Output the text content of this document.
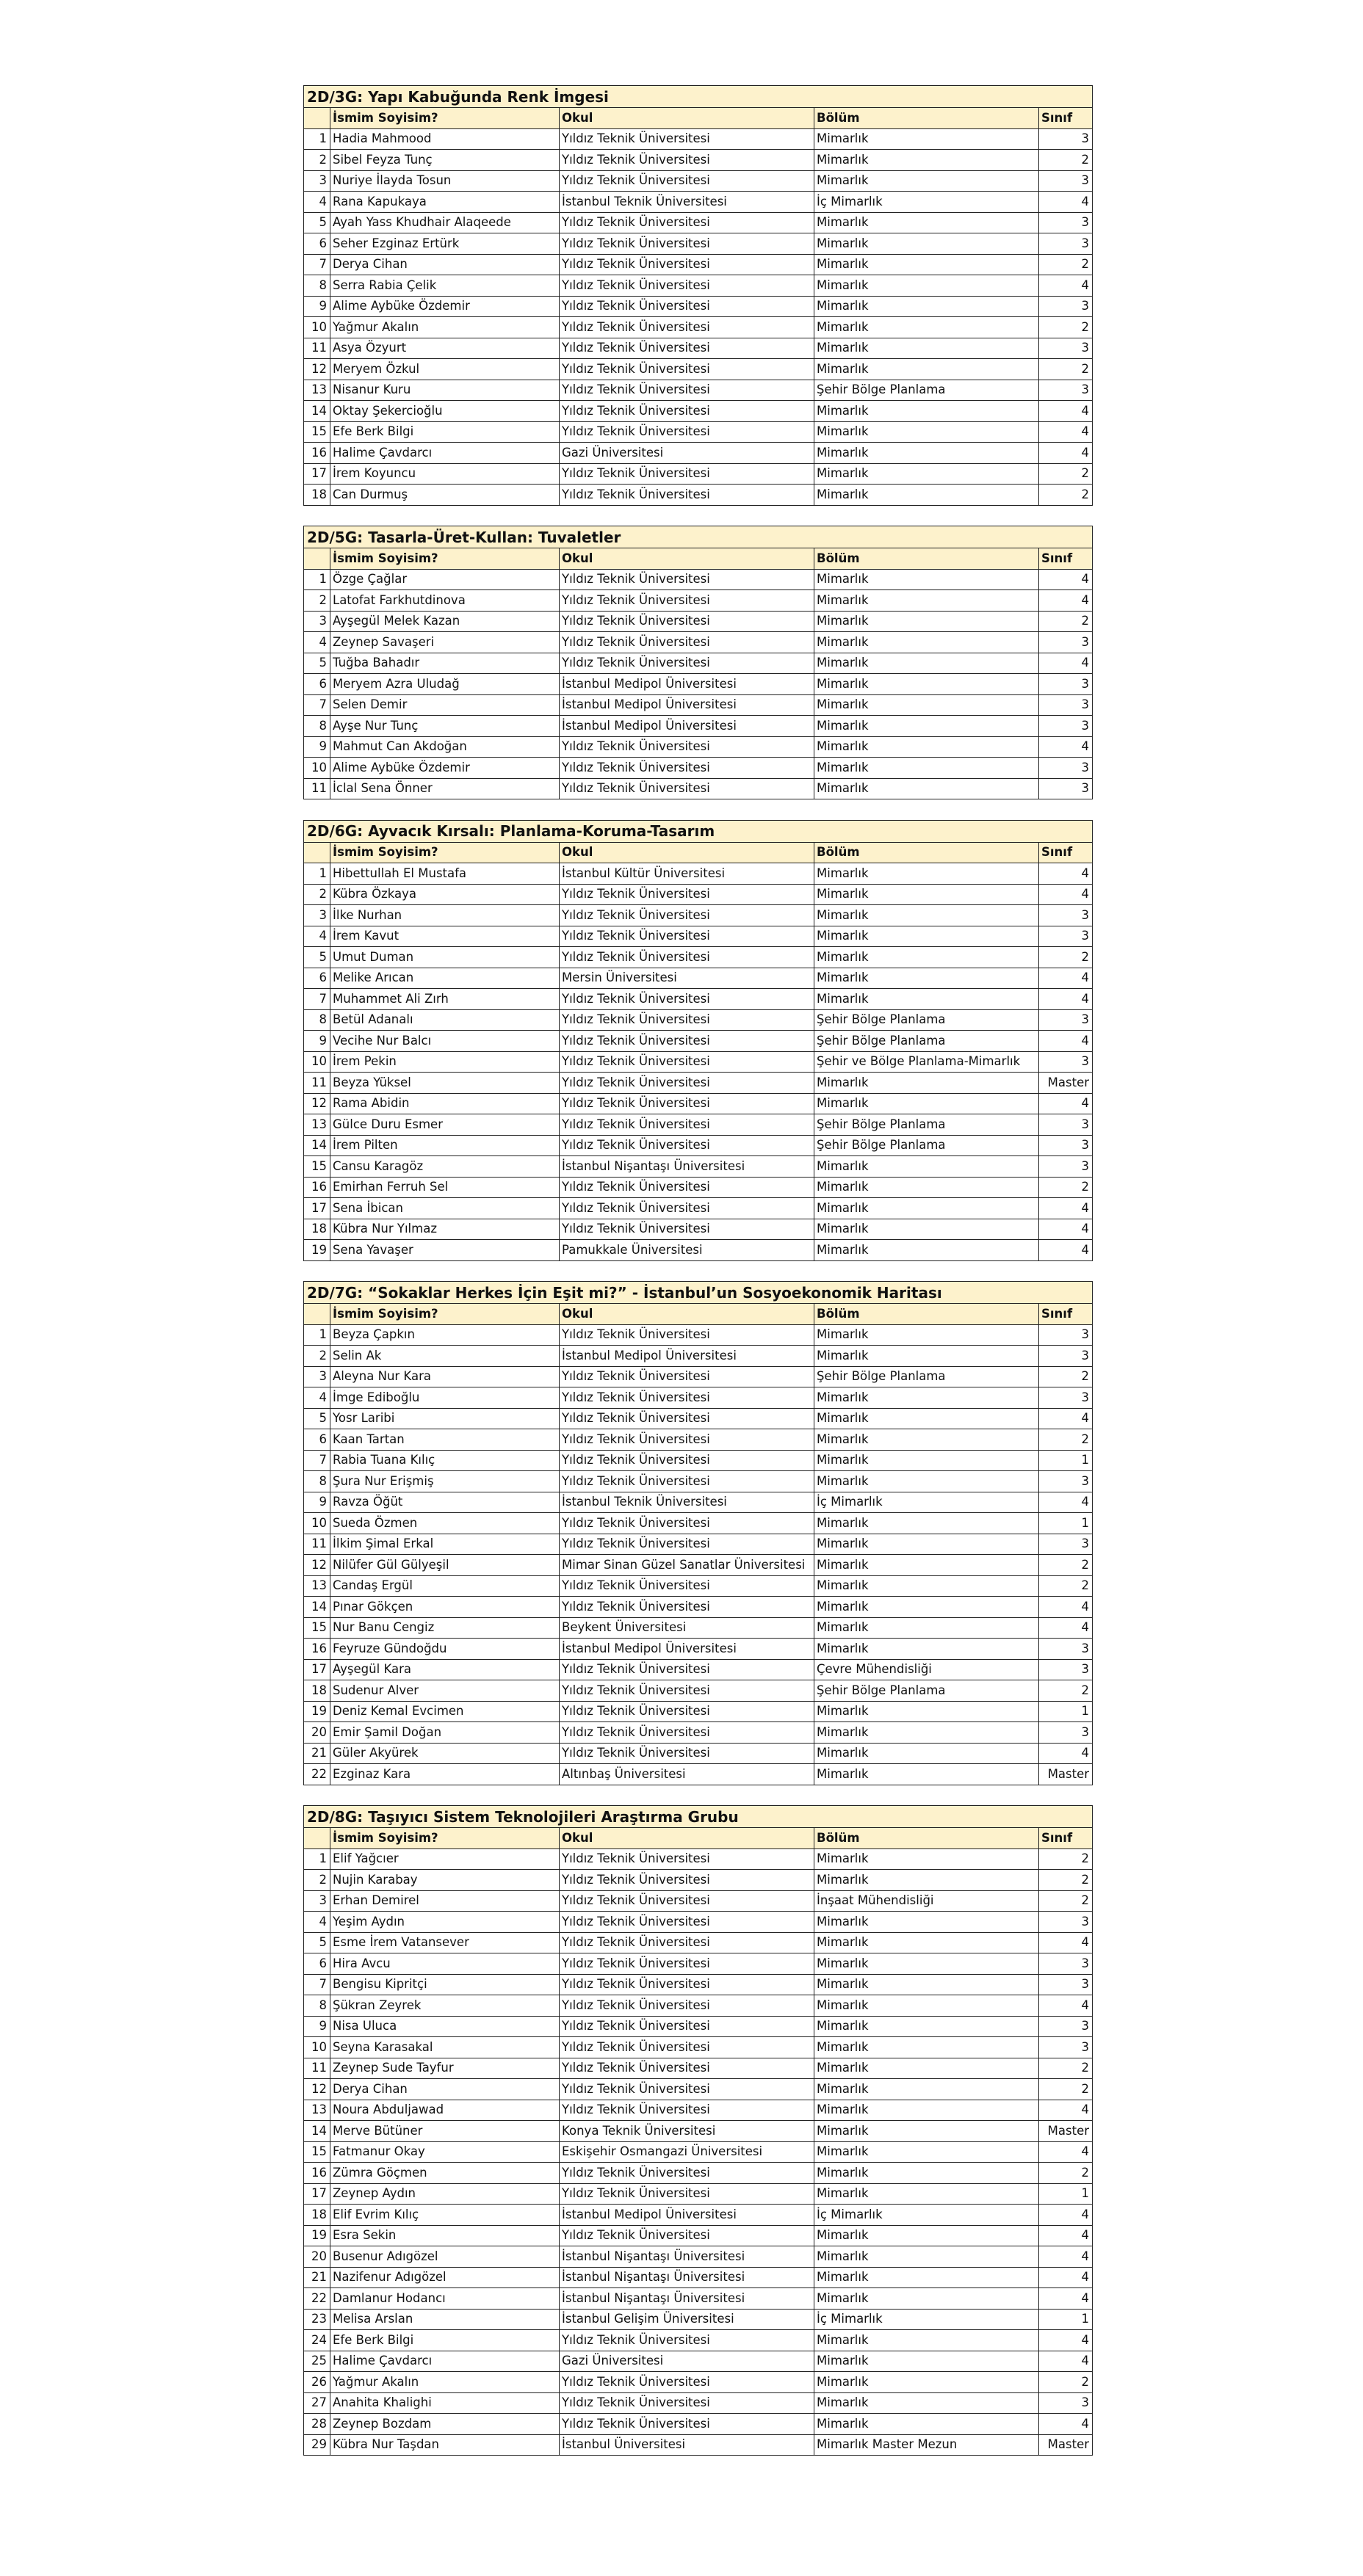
2D/3G: Yapı Kabuğunda Renk İmgesi				
	İsmim Soyisim?	Okul	Bölüm	Sınıf
1	Hadia Mahmood	Yıldız Teknik Üniversitesi	Mimarlık	3
2	Sibel Feyza Tunç	Yıldız Teknik Üniversitesi	Mimarlık	2
3	Nuriye İlayda Tosun	Yıldız Teknik Üniversitesi	Mimarlık	3
4	Rana Kapukaya	İstanbul Teknik Üniversitesi	İç Mimarlık	4
5	Ayah Yass Khudhair Alaqeede	Yıldız Teknik Üniversitesi	Mimarlık	3
6	Seher Ezginaz Ertürk	Yıldız Teknik Üniversitesi	Mimarlık	3
7	Derya Cihan	Yıldız Teknik Üniversitesi	Mimarlık	2
8	Serra Rabia Çelik	Yıldız Teknik Üniversitesi	Mimarlık	4
9	Alime Aybüke Özdemir	Yıldız Teknik Üniversitesi	Mimarlık	3
10	Yağmur Akalın	Yıldız Teknik Üniversitesi	Mimarlık	2
11	Asya Özyurt	Yıldız Teknik Üniversitesi	Mimarlık	3
12	Meryem Özkul	Yıldız Teknik Üniversitesi	Mimarlık	2
13	Nisanur Kuru	Yıldız Teknik Üniversitesi	Şehir Bölge Planlama	3
14	Oktay Şekercioğlu	Yıldız Teknik Üniversitesi	Mimarlık	4
15	Efe Berk Bilgi	Yıldız Teknik Üniversitesi	Mimarlık	4
16	Halime Çavdarcı	Gazi Üniversitesi	Mimarlık	4
17	İrem Koyuncu	Yıldız Teknik Üniversitesi	Mimarlık	2
18	Can Durmuş	Yıldız Teknik Üniversitesi	Mimarlık	2
2D/5G: Tasarla-Üret-Kullan: Tuvaletler				
	İsmim Soyisim?	Okul	Bölüm	Sınıf
1	Özge Çağlar	Yıldız Teknik Üniversitesi	Mimarlık	4
2	Latofat Farkhutdinova	Yıldız Teknik Üniversitesi	Mimarlık	4
3	Ayşegül Melek Kazan	Yıldız Teknik Üniversitesi	Mimarlık	2
4	Zeynep Savaşeri	Yıldız Teknik Üniversitesi	Mimarlık	3
5	Tuğba Bahadır	Yıldız Teknik Üniversitesi	Mimarlık	4
6	Meryem Azra Uludağ	İstanbul Medipol Üniversitesi	Mimarlık	3
7	Selen Demir	İstanbul Medipol Üniversitesi	Mimarlık	3
8	Ayşe Nur Tunç	İstanbul Medipol Üniversitesi	Mimarlık	3
9	Mahmut Can Akdoğan	Yıldız Teknik Üniversitesi	Mimarlık	4
10	Alime Aybüke Özdemir	Yıldız Teknik Üniversitesi	Mimarlık	3
11	İclal Sena Önner	Yıldız Teknik Üniversitesi	Mimarlık	3
2D/6G: Ayvacık Kırsalı: Planlama-Koruma-Tasarım				
	İsmim Soyisim?	Okul	Bölüm	Sınıf
1	Hibettullah El Mustafa	İstanbul Kültür Üniversitesi	Mimarlık	4
2	Kübra Özkaya	Yıldız Teknik Üniversitesi	Mimarlık	4
3	İlke Nurhan	Yıldız Teknik Üniversitesi	Mimarlık	3
4	İrem Kavut	Yıldız Teknik Üniversitesi	Mimarlık	3
5	Umut Duman	Yıldız Teknik Üniversitesi	Mimarlık	2
6	Melike Arıcan	Mersin Üniversitesi	Mimarlık	4
7	Muhammet Ali Zırh	Yıldız Teknik Üniversitesi	Mimarlık	4
8	Betül Adanalı	Yıldız Teknik Üniversitesi	Şehir Bölge Planlama	3
9	Vecihe Nur Balcı	Yıldız Teknik Üniversitesi	Şehir Bölge Planlama	4
10	İrem Pekin	Yıldız Teknik Üniversitesi	Şehir ve Bölge Planlama-Mimarlık	3
11	Beyza Yüksel	Yıldız Teknik Üniversitesi	Mimarlık	Master
12	Rama Abidin	Yıldız Teknik Üniversitesi	Mimarlık	4
13	Gülce Duru Esmer	Yıldız Teknik Üniversitesi	Şehir Bölge Planlama	3
14	İrem Pilten	Yıldız Teknik Üniversitesi	Şehir Bölge Planlama	3
15	Cansu Karagöz	İstanbul Nişantaşı Üniversitesi	Mimarlık	3
16	Emirhan Ferruh Sel	Yıldız Teknik Üniversitesi	Mimarlık	2
17	Sena İbican	Yıldız Teknik Üniversitesi	Mimarlık	4
18	Kübra Nur Yılmaz	Yıldız Teknik Üniversitesi	Mimarlık	4
19	Sena Yavaşer	Pamukkale Üniversitesi	Mimarlık	4
2D/7G: “Sokaklar Herkes İçin Eşit mi?” - İstanbul’un Sosyoekonomik Haritası				
	İsmim Soyisim?	Okul	Bölüm	Sınıf
1	Beyza Çapkın	Yıldız Teknik Üniversitesi	Mimarlık	3
2	Selin Ak	İstanbul Medipol Üniversitesi	Mimarlık	3
3	Aleyna Nur Kara	Yıldız Teknik Üniversitesi	Şehir Bölge Planlama	2
4	İmge Ediboğlu	Yıldız Teknik Üniversitesi	Mimarlık	3
5	Yosr Laribi	Yıldız Teknik Üniversitesi	Mimarlık	4
6	Kaan Tartan	Yıldız Teknik Üniversitesi	Mimarlık	2
7	Rabia Tuana Kılıç	Yıldız Teknik Üniversitesi	Mimarlık	1
8	Şura Nur Erişmiş	Yıldız Teknik Üniversitesi	Mimarlık	3
9	Ravza Öğüt	İstanbul Teknik Üniversitesi	İç Mimarlık	4
10	Sueda Özmen	Yıldız Teknik Üniversitesi	Mimarlık	1
11	İlkim Şimal Erkal	Yıldız Teknik Üniversitesi	Mimarlık	3
12	Nilüfer Gül Gülyeşil	Mimar Sinan Güzel Sanatlar Üniversitesi	Mimarlık	2
13	Candaş Ergül	Yıldız Teknik Üniversitesi	Mimarlık	2
14	Pınar Gökçen	Yıldız Teknik Üniversitesi	Mimarlık	4
15	Nur Banu Cengiz	Beykent Üniversitesi	Mimarlık	4
16	Feyruze Gündoğdu	İstanbul Medipol Üniversitesi	Mimarlık	3
17	Ayşegül Kara	Yıldız Teknik Üniversitesi	Çevre Mühendisliği	3
18	Sudenur Alver	Yıldız Teknik Üniversitesi	Şehir Bölge Planlama	2
19	Deniz Kemal Evcimen	Yıldız Teknik Üniversitesi	Mimarlık	1
20	Emir Şamil Doğan	Yıldız Teknik Üniversitesi	Mimarlık	3
21	Güler Akyürek	Yıldız Teknik Üniversitesi	Mimarlık	4
22	Ezginaz Kara	Altınbaş Üniversitesi	Mimarlık	Master
2D/8G: Taşıyıcı Sistem Teknolojileri Araştırma Grubu				
	İsmim Soyisim?	Okul	Bölüm	Sınıf
1	Elif Yağcıer	Yıldız Teknik Üniversitesi	Mimarlık	2
2	Nujin Karabay	Yıldız Teknik Üniversitesi	Mimarlık	2
3	Erhan Demirel	Yıldız Teknik Üniversitesi	İnşaat Mühendisliği	2
4	Yeşim Aydın	Yıldız Teknik Üniversitesi	Mimarlık	3
5	Esme İrem Vatansever	Yıldız Teknik Üniversitesi	Mimarlık	4
6	Hira Avcu	Yıldız Teknik Üniversitesi	Mimarlık	3
7	Bengisu Kipritçi	Yıldız Teknik Üniversitesi	Mimarlık	3
8	Şükran Zeyrek	Yıldız Teknik Üniversitesi	Mimarlık	4
9	Nisa Uluca	Yıldız Teknik Üniversitesi	Mimarlık	3
10	Seyna Karasakal	Yıldız Teknik Üniversitesi	Mimarlık	3
11	Zeynep Sude Tayfur	Yıldız Teknik Üniversitesi	Mimarlık	2
12	Derya Cihan	Yıldız Teknik Üniversitesi	Mimarlık	2
13	Noura Abduljawad	Yıldız Teknik Üniversitesi	Mimarlık	4
14	Merve Bütüner	Konya Teknik Üniversitesi	Mimarlık	Master
15	Fatmanur Okay	Eskişehir Osmangazi Üniversitesi	Mimarlık	4
16	Zümra Göçmen	Yıldız Teknik Üniversitesi	Mimarlık	2
17	Zeynep Aydın	Yıldız Teknik Üniversitesi	Mimarlık	1
18	Elif Evrim Kılıç	İstanbul Medipol Üniversitesi	İç Mimarlık	4
19	Esra Sekin	Yıldız Teknik Üniversitesi	Mimarlık	4
20	Busenur Adıgözel	İstanbul Nişantaşı Üniversitesi	Mimarlık	4
21	Nazifenur Adıgözel	İstanbul Nişantaşı Üniversitesi	Mimarlık	4
22	Damlanur Hodancı	İstanbul Nişantaşı Üniversitesi	Mimarlık	4
23	Melisa Arslan	İstanbul Gelişim Üniversitesi	İç Mimarlık	1
24	Efe Berk Bilgi	Yıldız Teknik Üniversitesi	Mimarlık	4
25	Halime Çavdarcı	Gazi Üniversitesi	Mimarlık	4
26	Yağmur Akalın	Yıldız Teknik Üniversitesi	Mimarlık	2
27	Anahita Khalighi	Yıldız Teknik Üniversitesi	Mimarlık	3
28	Zeynep Bozdam	Yıldız Teknik Üniversitesi	Mimarlık	4
29	Kübra Nur Taşdan	İstanbul Üniversitesi	Mimarlık Master Mezun	Master
